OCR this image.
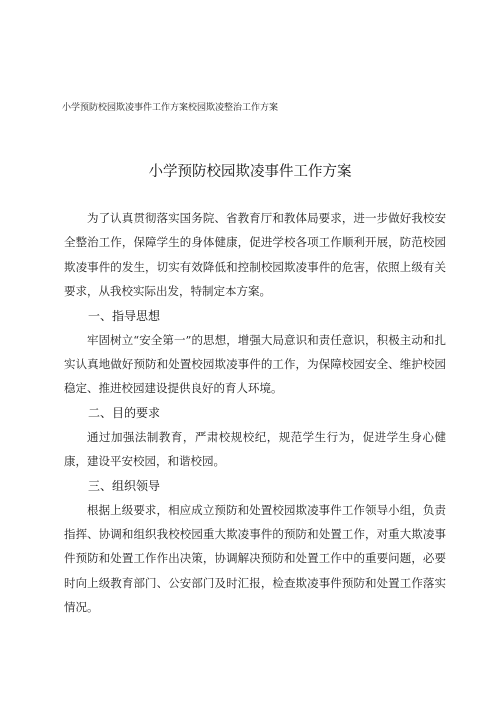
小学预防校园欺凌事件工作方案校园欺凌整治工作方案
小学预防校园欺凌事件工作方案

为了认真贯彻落实国务院、省教育厅和教体局要求，进一步做好我校安全整治工作，保障学生的身体健康，促进学校各项工作顺利开展，防范校园欺凌事件的发生，切实有效降低和控制校园欺凌事件的危害，依照上级有关要求，从我校实际出发，特制定本方案。

一、指导思想

牢固树立“安全第一”的思想，增强大局意识和责任意识，积极主动和扎实认真地做好预防和处置校园欺凌事件的工作，为保障校园安全、维护校园稳定、推进校园建设提供良好的育人环境。

二、目的要求

通过加强法制教育，严肃校规校纪，规范学生行为，促进学生身心健康，建设平安校园，和谐校园。

三、组织领导

根据上级要求，相应成立预防和处置校园欺凌事件工作领导小组，负责指挥、协调和组织我校校园重大欺凌事件的预防和处置工作，对重大欺凌事件预防和处置工作作出决策，协调解决预防和处置工作中的重要问题，必要时向上级教育部门、公安部门及时汇报，检查欺凌事件预防和处置工作落实情况。
